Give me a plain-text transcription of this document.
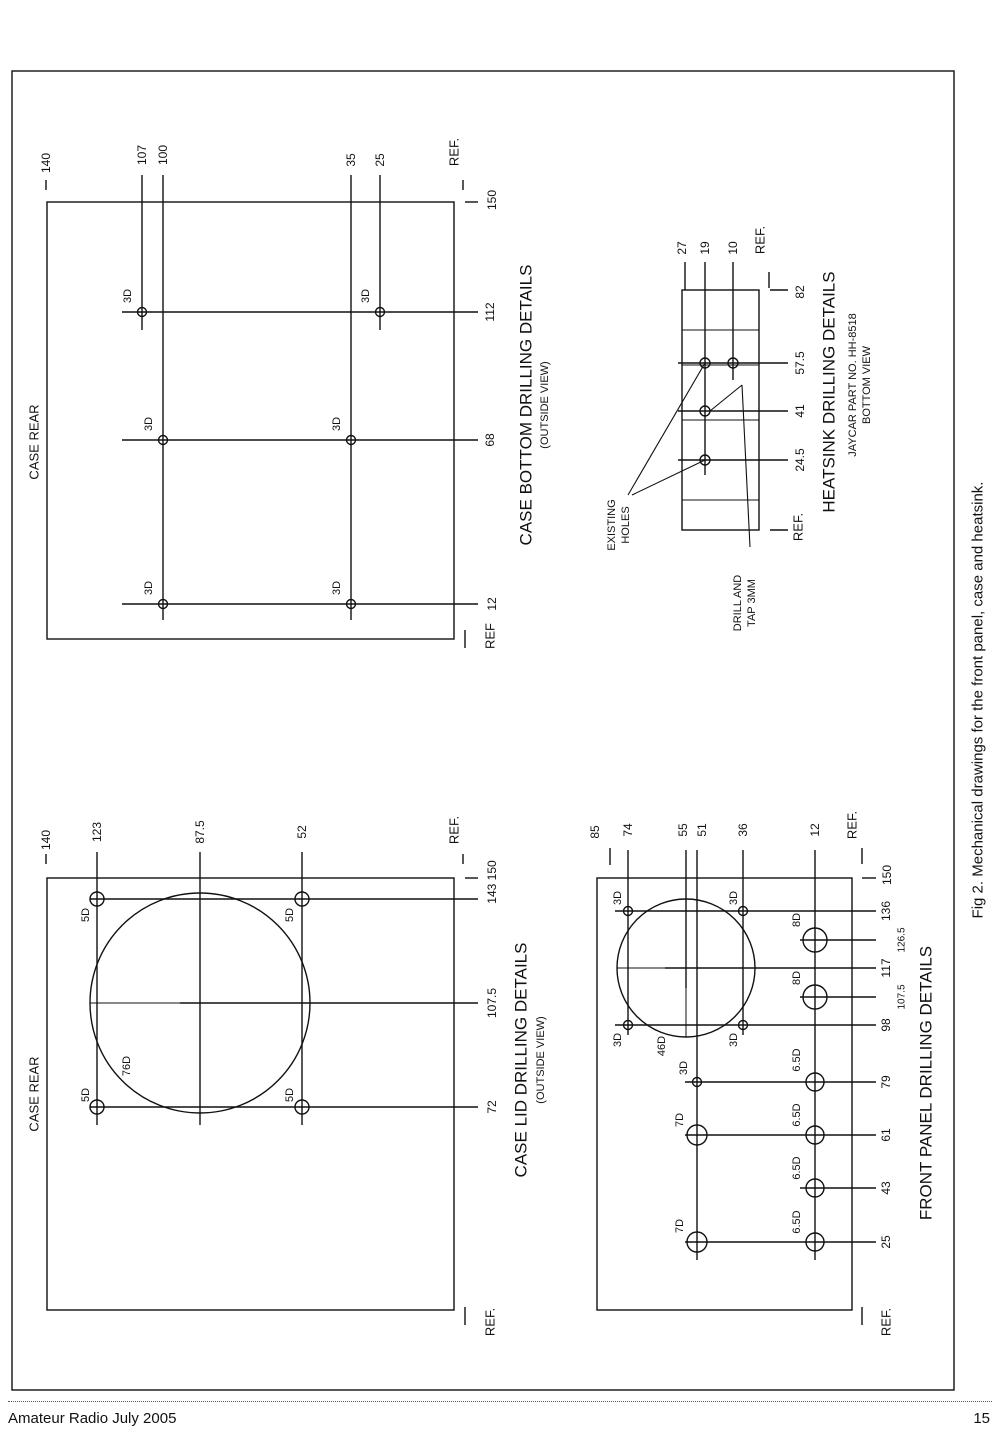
Fig 2. Mechanical drawings for the front panel, case and heatsink.
CASE REAR
140
REF.
REF.
123	87.5	52
143 150
107.5
72
5D	5D
5D	5D
76D	CASE LID DRILLING DETAILS (OUTSIDE VIEW)
CASE REAR
140	REF.
150
REF
107 100	35 25
112
68
12
3D	3D
3D	3D
3D	3D
CASE BOTTOM DRILLING DETAILS (OUTSIDE VIEW)
85	REF.
150
REF.
74	55 51 36	12
136
126.5
117
107.5
98
79
61
43
25
3D	3D
3D	3D
46D
3D
8D
8D
6.5D
6.5D
6.5D
6.5D
7D
7D
FRONT PANEL DRILLING DETAILS
82
57.5
41
24.5
REF.
REF.
27 19 10
EXISTING HOLES
DRILL AND TAP 3MM
HEATSINK DRILLING DETAILS JAYCAR PART NO. HH-8518 BOTTOM VIEW
Amateur Radio July 2005	15
